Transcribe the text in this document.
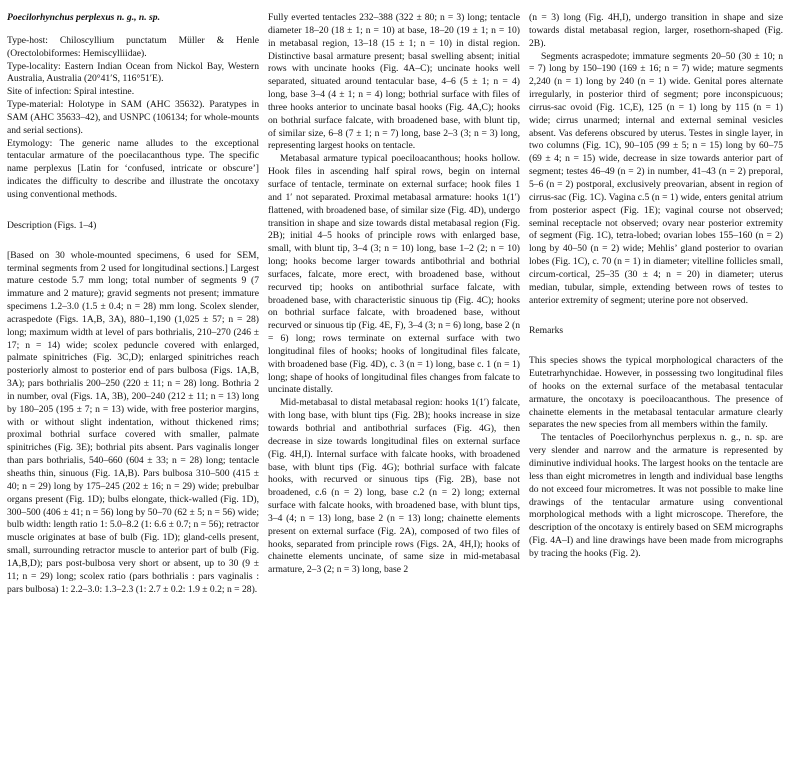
Poecilorhynchus perplexus n. g., n. sp.

Type-host: Chiloscyllium punctatum Müller & Henle (Orectolobiformes: Hemiscylliidae).

Type-locality: Eastern Indian Ocean from Nickol Bay, Western Australia, Australia (20°41′S, 116°51′E).

Site of infection: Spiral intestine.

Type-material: Holotype in SAM (AHC 35632). Paratypes in SAM (AHC 35633–42), and USNPC (106134; for whole-mounts and serial sections).

Etymology: The generic name alludes to the exceptional tentacular armature of the poecilacanthous type. The specific name perplexus [Latin for ‘confused, intricate or obscure’] indicates the difficulty to describe and illustrate the oncotaxy using conventional methods.

Description (Figs. 1–4)

[Based on 30 whole-mounted specimens, 6 used for SEM, terminal segments from 2 used for longitudinal sections.] Largest mature cestode 5.7 mm long; total number of segments 9 (7 immature and 2 mature); gravid segments not present; immature specimens 1.2–3.0 (1.5 ± 0.4; n = 28) mm long. Scolex slender, acraspedote (Figs. 1A,B, 3A), 880–1,190 (1,025 ± 57; n = 28) long; maximum width at level of pars bothrialis, 210–270 (246 ± 17; n = 14) wide; scolex peduncle covered with enlarged, palmate spinitriches (Fig. 3C,D); enlarged spinitriches reach posteriorly almost to posterior end of pars bulbosa (Figs. 1A,B, 3A); pars bothrialis 200–250 (220 ± 11; n = 28) long. Bothria 2 in number, oval (Figs. 1A, 3B), 200–240 (212 ± 11; n = 13) long by 180–205 (195 ± 7; n = 13) wide, with free posterior margins, with or without slight indentation, without thickened rims; proximal bothrial surface covered with smaller, palmate spinitriches (Fig. 3E); bothrial pits absent. Pars vaginalis longer than pars bothrialis, 540–660 (604 ± 33; n = 28) long; tentacle sheaths thin, sinuous (Fig. 1A,B). Pars bulbosa 310–500 (415 ± 40; n = 29) long by 175–245 (202 ± 16; n = 29) wide; prebulbar organs present (Fig. 1D); bulbs elongate, thick-walled (Fig. 1D), 300–500 (406 ± 41; n = 56) long by 50–70 (62 ± 5; n = 56) wide; bulb width: length ratio 1: 5.0–8.2 (1: 6.6 ± 0.7; n = 56); retractor muscle originates at base of bulb (Fig. 1D); gland-cells present, small, surrounding retractor muscle to anterior part of bulb (Fig. 1A,B,D); pars post-bulbosa very short or absent, up to 30 (9 ± 11; n = 29) long; scolex ratio (pars bothrialis : pars vaginalis : pars bulbosa) 1: 2.2–3.0: 1.3–2.3 (1: 2.7 ± 0.2: 1.9 ± 0.2; n = 28).

Fully everted tentacles 232–388 (322 ± 80; n = 3) long; tentacle diameter 18–20 (18 ± 1; n = 10) at base, 18–20 (19 ± 1; n = 10) in metabasal region, 13–18 (15 ± 1; n = 10) in distal region. Distinctive basal armature present; basal swelling absent; initial rows with uncinate hooks (Fig. 4A–C); uncinate hooks well separated, situated around tentacular base, 4–6 (5 ± 1; n = 4) long, base 3–4 (4 ± 1; n = 4) long; bothrial surface with files of three hooks anterior to uncinate basal hooks (Fig. 4A,C); hooks on bothrial surface falcate, with broadened base, with blunt tip, of similar size, 6–8 (7 ± 1; n = 7) long, base 2–3 (3; n = 3) long, representing largest hooks on tentacle.

Metabasal armature typical poeciloacanthous; hooks hollow. Hook files in ascending half spiral rows, begin on internal surface of tentacle, terminate on external surface; hook files 1 and 1′ not separated. Proximal metabasal armature: hooks 1(1′) flattened, with broadened base, of similar size (Fig. 4D), undergo transition in shape and size towards distal metabasal region (Fig. 2B); initial 4–5 hooks of principle rows with enlarged base, small, with blunt tip, 3–4 (3; n = 10) long, base 1–2 (2; n = 10) long; hooks become larger towards antibothrial and bothrial surfaces, falcate, more erect, with broadened base, without recurved tip; hooks on antibothrial surface falcate, with broadened base, with characteristic sinuous tip (Fig. 4C); hooks on bothrial surface falcate, with broadened base, without recurved or sinuous tip (Fig. 4E, F), 3–4 (3; n = 6) long, base 2 (n = 6) long; rows terminate on external surface with two longitudinal files of hooks; hooks of longitudinal files falcate, with broadened base (Fig. 4D), c. 3 (n = 1) long, base c. 1 (n = 1) long; shape of hooks of longitudinal files changes from falcate to uncinate distally.

Mid-metabasal to distal metabasal region: hooks 1(1′) falcate, with long base, with blunt tips (Fig. 2B); hooks increase in size towards bothrial and antibothrial surfaces (Fig. 4G), then decrease in size towards longitudinal files on external surface (Fig. 4H,I). Internal surface with falcate hooks, with broadened base, with blunt tips (Fig. 4G); bothrial surface with falcate hooks, with recurved or sinuous tips (Fig. 2B), base not broadened, c.6 (n = 2) long, base c.2 (n = 2) long; external surface with falcate hooks, with broadened base, with blunt tips, 3–4 (4; n = 13) long, base 2 (n = 13) long; chainette elements present on external surface (Fig. 2A), composed of two files of hooks, separated from principle rows (Figs. 2A, 4H,I); hooks of chainette elements uncinate, of same size in mid-metabasal armature, 2–3 (2; n = 3) long, base 2

(n = 3) long (Fig. 4H,I), undergo transition in shape and size towards distal metabasal region, larger, rosethorn-shaped (Fig. 2B).

Segments acraspedote; immature segments 20–50 (30 ± 10; n = 7) long by 150–190 (169 ± 16; n = 7) wide; mature segments 2,240 (n = 1) long by 240 (n = 1) wide. Genital pores alternate irregularly, in posterior third of segment; pore inconspicuous; cirrus-sac ovoid (Fig. 1C,E), 125 (n = 1) long by 115 (n = 1) wide; cirrus unarmed; internal and external seminal vesicles absent. Vas deferens obscured by uterus. Testes in single layer, in two columns (Fig. 1C), 90–105 (99 ± 5; n = 15) long by 60–75 (69 ± 4; n = 15) wide, decrease in size towards anterior part of segment; testes 46–49 (n = 2) in number, 41–43 (n = 2) preporal, 5–6 (n = 2) postporal, exclusively preovarian, absent in region of cirrus-sac (Fig. 1C). Vagina c.5 (n = 1) wide, enters genital atrium from posterior aspect (Fig. 1E); vaginal course not observed; seminal receptacle not observed; ovary near posterior extremity of segment (Fig. 1C), tetra-lobed; ovarian lobes 155–160 (n = 2) long by 40–50 (n = 2) wide; Mehlis’ gland posterior to ovarian lobes (Fig. 1C), c. 70 (n = 1) in diameter; vitelline follicles small, circum-cortical, 25–35 (30 ± 4; n = 20) in diameter; uterus median, tubular, simple, extending between rows of testes to anterior extremity of segment; uterine pore not observed.

Remarks

This species shows the typical morphological characters of the Eutetrarhynchidae. However, in possessing two longitudinal files of hooks on the external surface of the metabasal tentacular armature, the oncotaxy is poeciloacanthous. The presence of chainette elements in the metabasal tentacular armature clearly separates the new species from all members within the family.

The tentacles of Poecilorhynchus perplexus n. g., n. sp. are very slender and narrow and the armature is represented by diminutive individual hooks. The largest hooks on the tentacle are less than eight micrometres in length and individual base lengths do not exceed four micrometres. It was not possible to make line drawings of the tentacular armature using conventional morphological methods with a light microscope. Therefore, the description of the oncotaxy is entirely based on SEM micrographs (Fig. 4A–I) and line drawings have been made from micrographs by tracing the hooks (Fig. 2).
